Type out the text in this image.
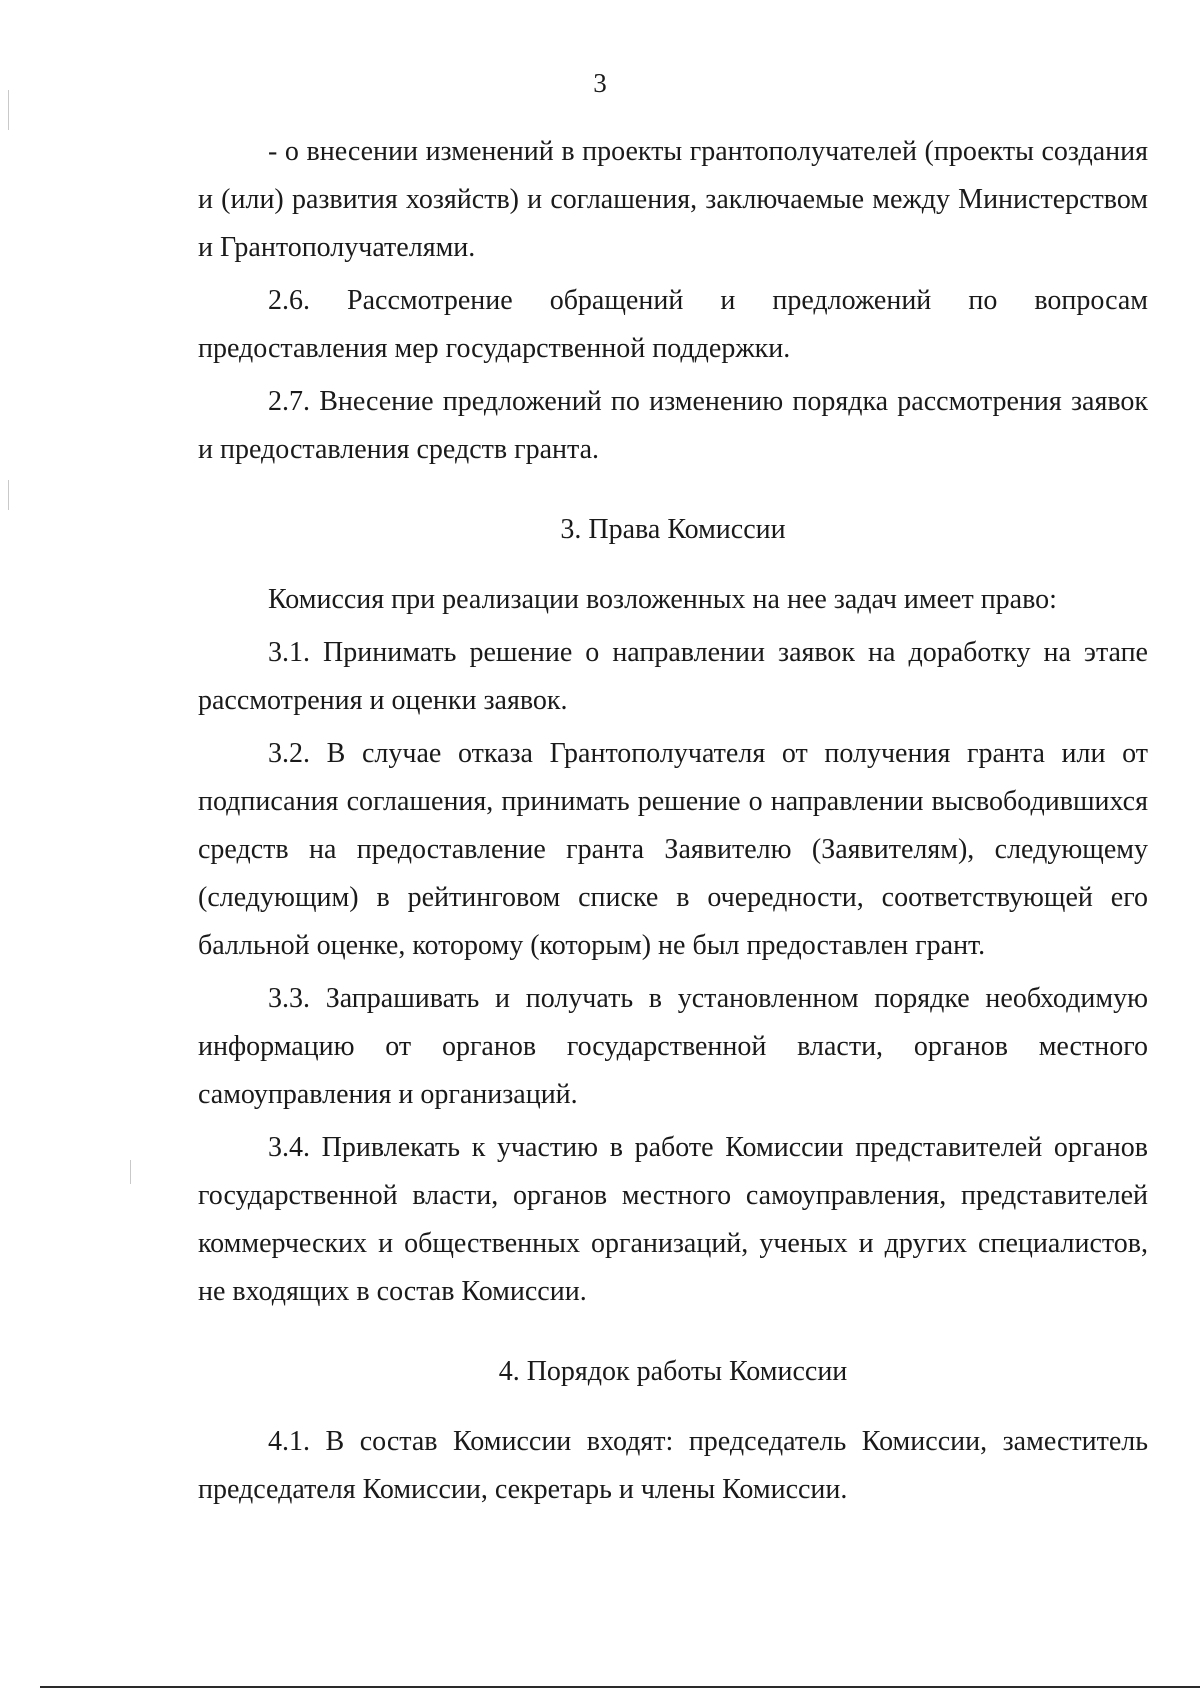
3

- о внесении изменений в проекты грантополучателей (проекты создания и (или) развития хозяйств) и соглашения, заключаемые между Министерством и Грантополучателями.

2.6. Рассмотрение обращений и предложений по вопросам предоставления мер государственной поддержки.

2.7. Внесение предложений по изменению порядка рассмотрения заявок и предоставления средств гранта.

3. Права Комиссии

Комиссия при реализации возложенных на нее задач имеет право:

3.1. Принимать решение о направлении заявок на доработку на этапе рассмотрения и оценки заявок.

3.2. В случае отказа Грантополучателя от получения гранта или от подписания соглашения, принимать решение о направлении высвободившихся средств на предоставление гранта Заявителю (Заявителям), следующему (следующим) в рейтинговом списке в очередности, соответствующей его балльной оценке, которому (которым) не был предоставлен грант.

3.3. Запрашивать и получать в установленном порядке необходимую информацию от органов государственной власти, органов местного самоуправления и организаций.

3.4. Привлекать к участию в работе Комиссии представителей органов государственной власти, органов местного самоуправления, представителей коммерческих и общественных организаций, ученых и других специалистов, не входящих в состав Комиссии.

4. Порядок работы Комиссии

4.1. В состав Комиссии входят: председатель Комиссии, заместитель председателя Комиссии, секретарь и члены Комиссии.
